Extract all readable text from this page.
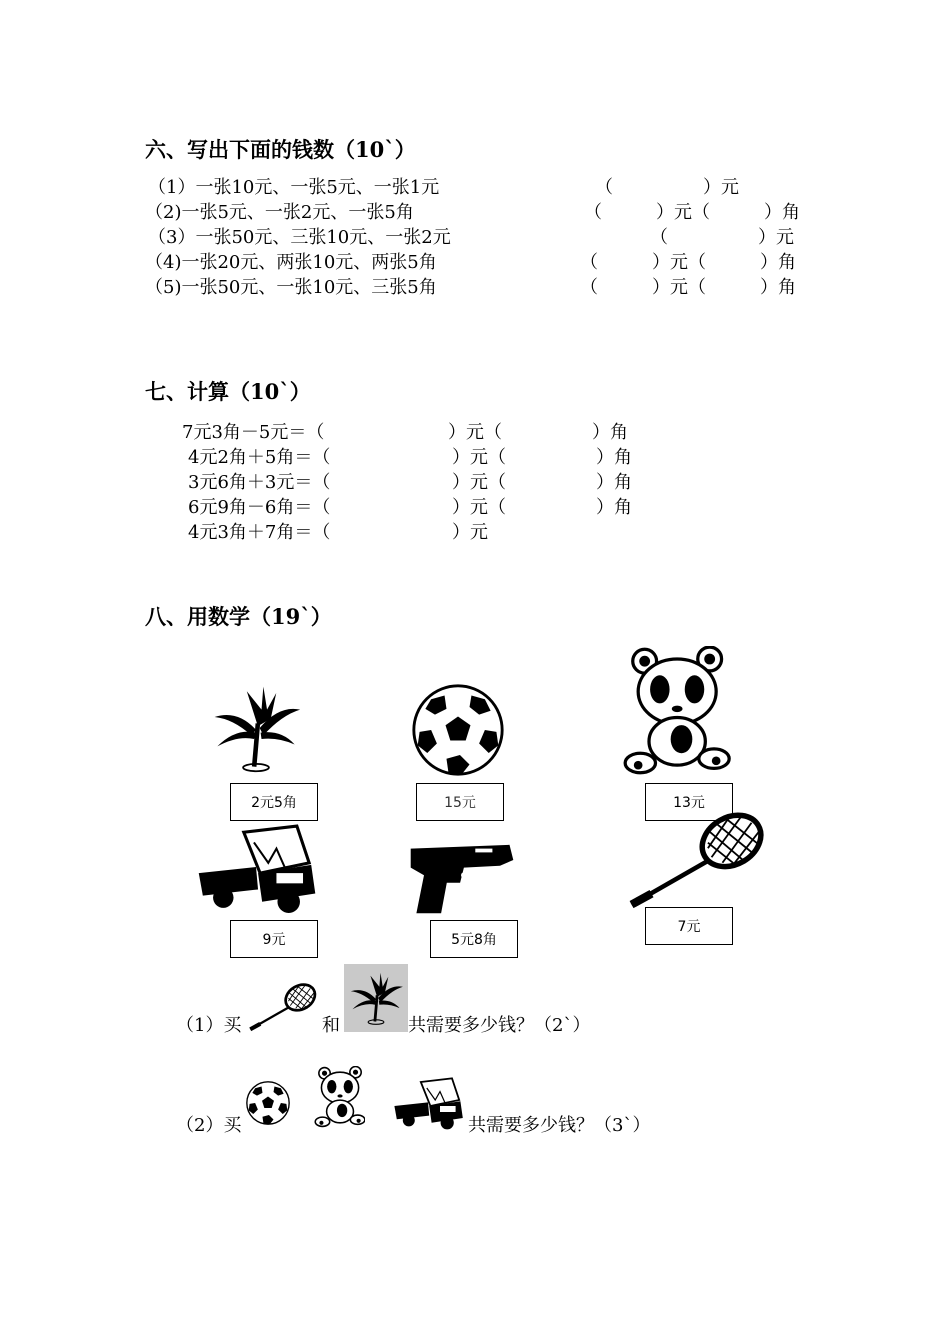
六、写出下面的钱数（10`）
（1）一张10元、一张5元、一张1元	（　　　　　）元
（2)一张5元、一张2元、一张5角	（　　　）元（　　　）角
（3）一张50元、三张10元、一张2元	（　　　　　）元
（4)一张20元、两张10元、两张5角	（　　　）元（　　　）角
（5)一张50元、一张10元、三张5角	（　　　）元（　　　）角
七、计算（10`）
7元3角－5元＝（	）元（	）角
4元2角＋5角＝（	）元（	）角
3元6角＋3元＝（	）元（	）角
6元9角－6角＝（	）元（	）角
4元3角＋7角＝（	）元
八、用数学（19`）
2元5角	15元	13元
9元	5元8角
7元
（1）买	和

	共需要多少钱？（2`）
（2）买	共需要多少钱？（3`）
